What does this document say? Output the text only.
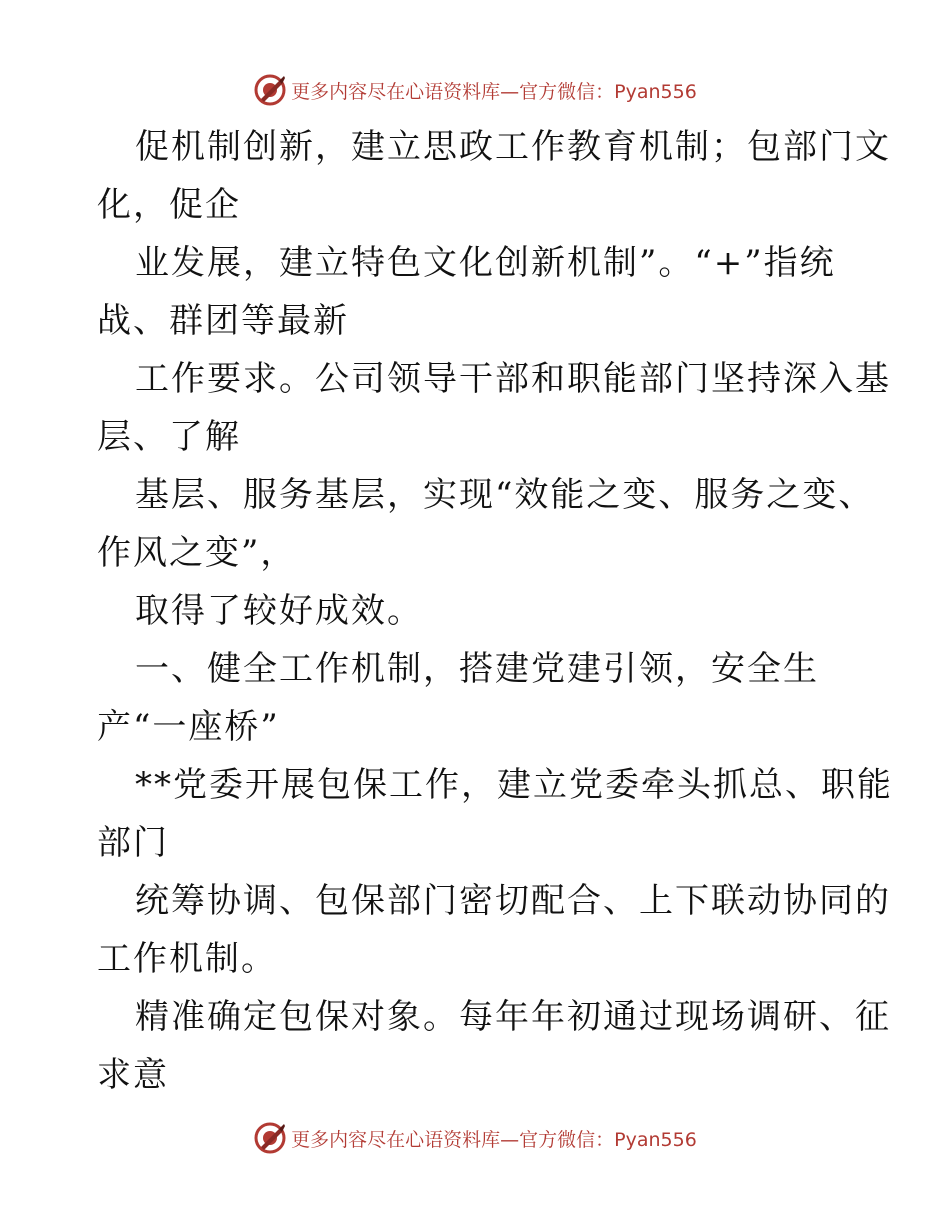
更多内容尽在心语资料库—官方微信：Pyan556
促机制创新，建立思政工作教育机制；包部门文
化，促企
业发展，建立特色文化创新机制”。“+”指统
战、群团等最新
工作要求。公司领导干部和职能部门坚持深入基
层、了解
基层、服务基层，实现“效能之变、服务之变、
作风之变”，
取得了较好成效。
一、健全工作机制，搭建党建引领，安全生
产“一座桥”
**党委开展包保工作，建立党委牵头抓总、职能
部门
统筹协调、包保部门密切配合、上下联动协同的
工作机制。
精准确定包保对象。每年年初通过现场调研、征
求意
更多内容尽在心语资料库—官方微信：Pyan556
